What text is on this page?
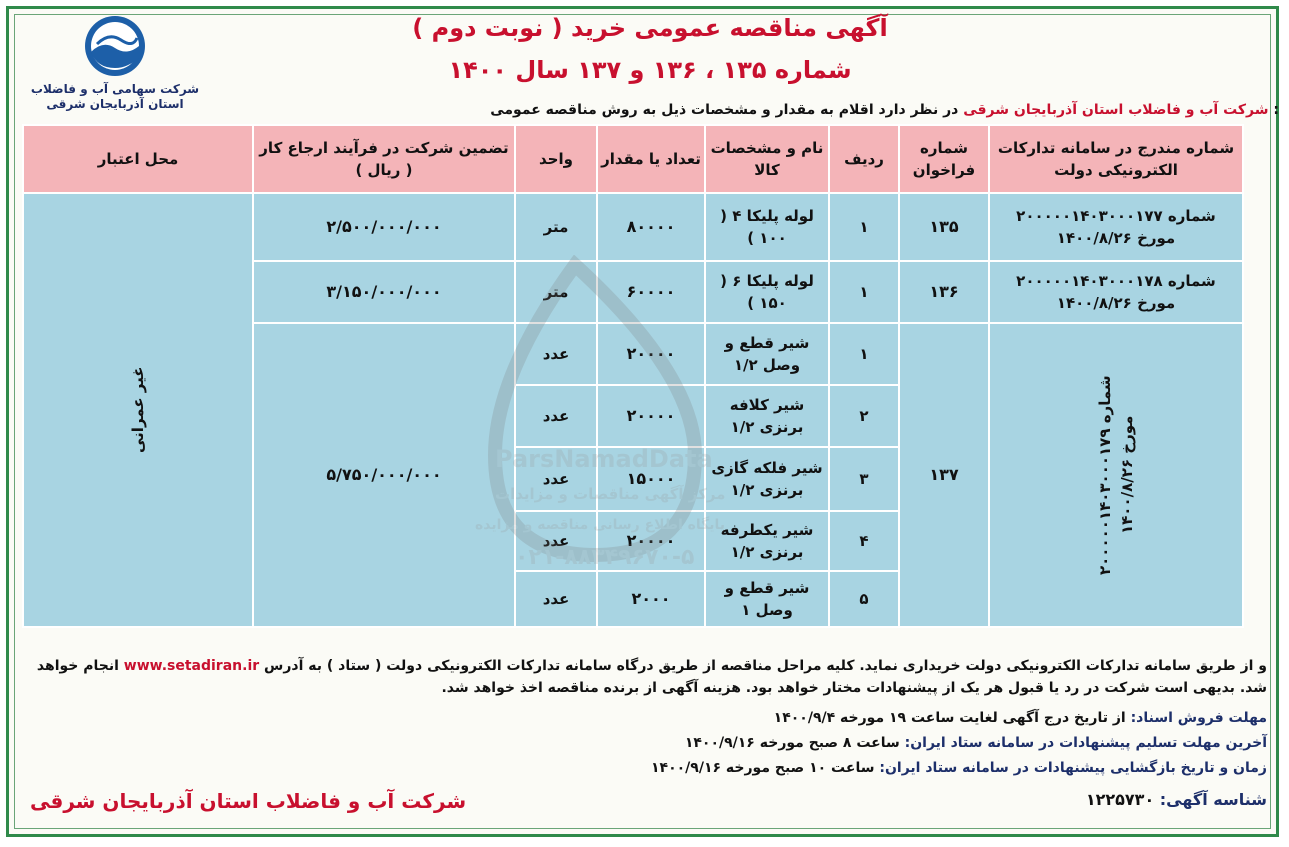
شرکت سهامی آب و فاضلاب
استان آذربایجان شرقی
آگهی مناقصه عمومی خرید ( نوبت دوم )
شماره ۱۳۵ ، ۱۳۶ و ۱۳۷ سال ۱۴۰۰
شرکت آب و فاضلاب استان آذربایجان شرقی در نظر دارد اقلام به مقدار و مشخصات ذیل به روش مناقصه عمومی :
شماره مندرج در سامانه تدارکات الکترونیکی دولت	شماره فراخوان	ردیف	نام و مشخصات کالا	تعداد یا مقدار	واحد	تضمین شرکت در فرآیند ارجاع کار ( ریال )	محل اعتبار

شماره ۲۰۰۰۰۰۱۴۰۳۰۰۰۱۷۷
مورخ ۱۴۰۰/۸/۲۶	۱۳۵	۱	لوله پلیکا ۴ ( ۱۰۰ )	۸۰۰۰۰	متر	۲/۵۰۰/۰۰۰/۰۰۰	غیر عمرانی

شماره ۲۰۰۰۰۰۱۴۰۳۰۰۰۱۷۸
مورخ ۱۴۰۰/۸/۲۶	۱۳۶	۱	لوله پلیکا ۶ ( ۱۵۰ )	۶۰۰۰۰	متر	۳/۱۵۰/۰۰۰/۰۰۰	

شماره ۲۰۰۰۰۰۱۴۰۳۰۰۰۱۷۹
مورخ ۱۴۰۰/۸/۲۶	۱۳۷	۱	شیر قطع و وصل ۱/۲	۲۰۰۰۰	عدد	۵/۷۵۰/۰۰۰/۰۰۰	
		۲	شیر کلافه برنزی ۱/۲	۲۰۰۰۰	عدد		
		۳	شیر فلکه گازی برنزی ۱/۲	۱۵۰۰۰	عدد		
		۴	شیر یکطرفه برنزی ۱/۲	۲۰۰۰۰	عدد		
		۵	شیر قطع و وصل ۱	۲۰۰۰	عدد		
ParsNamadData
مرکز آگهی مناقصات و مزایدات
پایگاه اطلاع رسانی مناقصه و مزایده
۰۲۱-۸۸۳۴۹۶۷۰-۵
و از طریق سامانه تدارکات الکترونیکی دولت خریداری نماید. کلیه مراحل مناقصه از طریق درگاه سامانه تدارکات الکترونیکی دولت ( ستاد ) به آدرس www.setadiran.ir انجام خواهد شد. بدیهی است شرکت در رد یا قبول هر یک از پیشنهادات مختار خواهد بود. هزینه آگهی از برنده مناقصه اخذ خواهد شد.
مهلت فروش اسناد: از تاریخ درج آگهی لغایت ساعت ۱۹ مورخه ۱۴۰۰/۹/۴
آخرین مهلت تسلیم پیشنهادات در سامانه ستاد ایران: ساعت ۸ صبح مورخه ۱۴۰۰/۹/۱۶
زمان و تاریخ بازگشایی پیشنهادات در سامانه ستاد ایران: ساعت ۱۰ صبح مورخه ۱۴۰۰/۹/۱۶
شناسه آگهی: ۱۲۲۵۷۳۰
شرکت آب و فاضلاب استان آذربایجان شرقی
